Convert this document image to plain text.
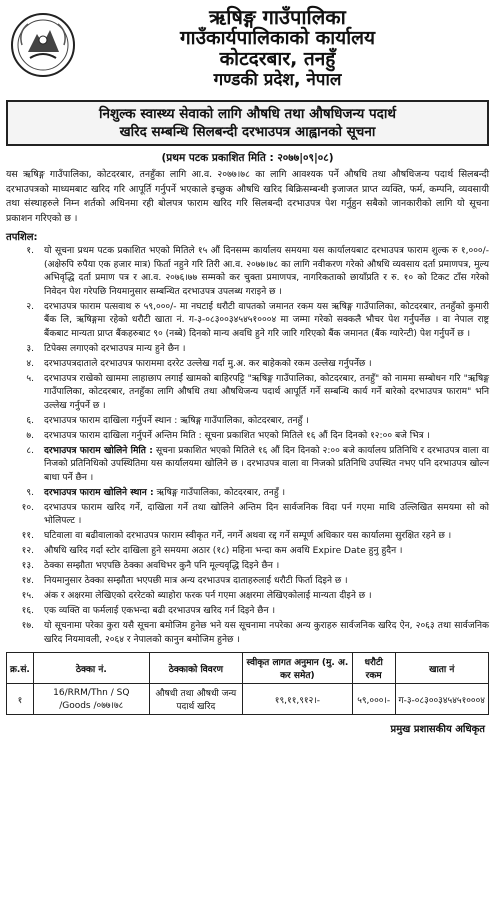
ऋषिङ्ग गाउँपालिका
गाउँकार्यपालिकाको कार्यालय
कोटदरबार, तनहुँ
गण्डकी प्रदेश, नेपाल
निशुल्क स्वास्थ्य सेवाको लागि औषधि तथा औषधिजन्य पदार्थ
खरिद सम्बन्धि सिलबन्दी दरभाउपत्र आह्वानको सूचना
(प्रथम पटक प्रकाशित मिति : २०७७|०९|०८)
यस ऋषिङ्ग गाउँपालिका, कोटदरबार, तनहुँका लागि आ.व. २०७७।७८ का लागि आवश्यक पर्ने औषधि तथा औषधिजन्य पदार्थ सिलबन्दी दरभाउपत्रको माध्यमबाट खरिद गरि आपूर्ति गर्नुपर्ने भएकाले इच्छुक औषधि खरिद बिक्रिसम्बन्धी इजाजत प्राप्त व्यक्ति, फर्म, कम्पनि, व्यवसायी तथा संस्थाहरुले निम्न शर्तको अधिनमा रही बोलपत्र फाराम खरिद गरि सिलबन्दी दरभाउपत्र पेश गर्नुहुन सबैको जानकारीको लागि यो सूचना प्रकाशन गरिएको छ ।
तपशिल:
१.	यो सूचना प्रथम पटक प्रकाशित भएको मितिले १५ औं दिनसम्म कार्यालय समयमा यस कार्यालयबाट दरभाउपत्र फाराम शुल्क रु १,०००/- (अक्षेरुपि रुपैया एक हजार मात्र) फिर्ता नहुने गरि तिरी आ.व. २०७७।७८ का लागि नवीकरण गरेको औषधि व्यवसाय दर्ता प्रमाणपत्र, मुल्य अभिवृद्धि दर्ता प्रमाण पत्र र आ.व. २०७६।७७ सम्मको कर चुक्ता प्रमाणपत्र, नागरिकताको छायाँप्रति र रु. १० को टिकट टाँस गरेको निवेदन पेश गरेपछि नियमानुसार सम्बन्धित दरभाउपत्र उपलब्ध गराइने छ ।
२.	दरभाउपत्र फाराम पत्सवाथ रु ५९,०००/- मा नघटाई धरौटी वापतको जमानत रकम यस ऋषिङ्ग गाउँपालिका, कोटदरबार, तनहुँको कुमारी बैंक लि, ऋषिङ्गमा रहेको धरौटी खाता नं. ग-३-०८३००३४५४५१०००४ मा जम्मा गरेको सक्कलै भौचर पेश गर्नुपर्नेछ । वा नेपाल राष्ट्र बैंकबाट मान्यता प्राप्त बैंकहरुबाट ९० (नब्बे) दिनको मान्य अवधि हुने गरि जारि गरिएको बैंक जमानत (बैंक ग्यारेन्टी) पेश गर्नुपर्ने छ ।
३.	टिपेक्स लगाएको दरभाउपत्र मान्य हुने छैन ।
४.	दरभाउपत्रदाताले दरभाउपत्र फाराममा दररेट उल्लेख गर्दा मु.अ. कर बाहेकको रकम उल्लेख गर्नुपर्नेछ ।
५.	दरभाउपत्र राखेको खाममा लाहाछाप लगाई खामको बाहिरपट्टि "ऋषिङ्ग गाउँपालिका, कोटदरबार, तनहुँ" को नाममा सम्बोधन गरि "ऋषिङ्ग गाउँपालिका, कोटदरबार, तनहुँका लागि औषधि तथा औषधिजन्य पदार्थ आपूर्ति गर्ने सम्बन्धि कार्य गर्ने बारेको दरभाउपत्र फाराम" भनि उल्लेख गर्नुपर्ने छ ।
६.	दरभाउपत्र फाराम दाखिला गर्नुपर्ने स्थान : ऋषिङ्ग गाउँपालिका, कोटदरबार, तनहुँ ।
७.	दरभाउपत्र फाराम दाखिला गर्नुपर्ने अन्तिम मिति : सूचना प्रकाशित भएको मितिले १६ औं दिन दिनको १२:०० बजे भित्र ।
८.	दरभाउपत्र फाराम खोलिने मिति : सूचना प्रकाशित भएको मितिले १६ औं दिन दिनको २:०० बजे कार्यालय प्रतिनिधि र दरभाउपत्र वाला वा निजको प्रतिनिधिको उपस्थितिमा यस कार्यालयमा खोलिने छ । दरभाउपत्र वाला वा निजको प्रतिनिधि उपस्थित नभए पनि दरभाउपत्र खोल्न बाधा पर्ने छैन ।
९.	दरभाउपत्र फाराम खोलिने स्थान : ऋषिङ्ग गाउँपालिका, कोटदरबार, तनहुँ ।
१०.	दरभाउपत्र फाराम खरिद गर्ने, दाखिला गर्ने तथा खोलिने अन्तिम दिन सार्वजनिक विदा पर्न गएमा माथि उल्लिखित समयमा सो को भोलिपल्ट ।
११.	घटिवाला वा बढीवालाको दरभाउपत्र फाराम स्वीकृत गर्ने, नगर्ने अथवा रद्द गर्ने सम्पूर्ण अधिकार यस कार्यालमा सुरक्षित रहने छ ।
१२.	औषधि खरिद गर्दा स्टोर दाखिला हुने समयमा अठार (१८) महिना भन्दा कम अवधि Expire Date हुनु हुदैन ।
१३.	ठेक्का सम्झौता भएपछि ठेक्का अवधिभर कुनै पनि मूल्यवृद्धि दिइने छैन ।
१४.	नियमानुसार ठेक्का सम्झौता भएपछी मात्र अन्य दरभाउपत्र दाताहरुलाई धरौटी फिर्ता दिइने छ ।
१५.	अंक र अक्षरमा लेखिएको दररेटको ब्याहोरा फरक पर्न गएमा अक्षरमा लेखिएकोलाई मान्यता दीइने छ ।
१६.	एक व्यक्ति वा फर्मलाई एकभन्दा बढी दरभाउपत्र खरिद गर्न दिइने छैन ।
१७.	यो सूचनामा परेका कुरा यसै सूचना बमोजिम हुनेछ भने यस सूचनामा नपरेका अन्य कुराहरु सार्वजनिक खरिद ऐन, २०६३ तथा सार्वजनिक खरिद नियमावली, २०६४ र नेपालको कानुन बमोजिम हुनेछ ।
क्र.सं.	ठेक्का नं.	ठेक्काको विवरण	स्वीकृत लागत अनुमान (मु. अ. कर समेत)	धरौटी रकम	खाता नं
१	16/RRM/Thn / SQ /Goods /०७७।७८	औषधी तथा औषधी जन्य पदार्थ खरिद	१९,११,९१२।-	५९,०००।-	ग-३-०८३००३४५४५१०००४
प्रमुख प्रशासकीय अधिकृत
